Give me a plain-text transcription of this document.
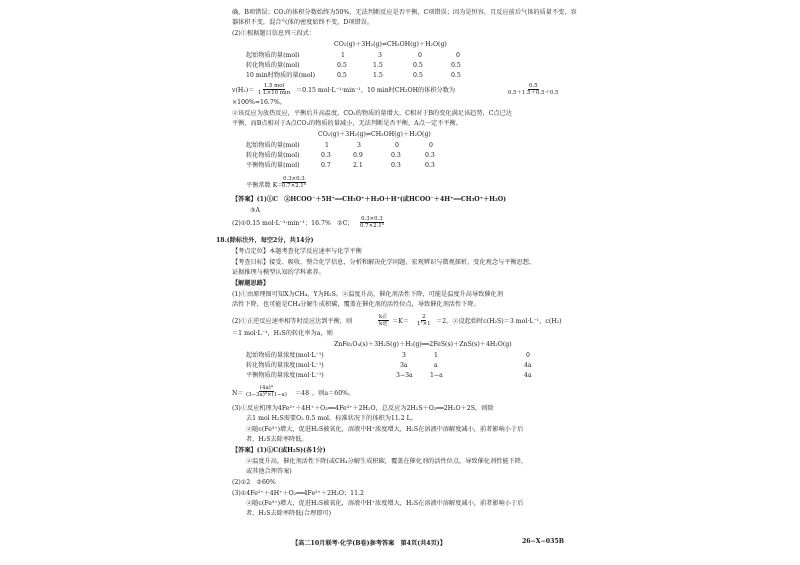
确，B项错误；CO₂的体积分数始终为50%，无法判断反应是否平衡，C项错误；因为是恒容，且反应前后气体的质量不变，容
器体积不变，混合气体的密度始终不变，D项错误。
(2)①根据题目信息列三段式：
CO₂(g)＋3H₂(g)⇌CH₃OH(g)＋H₂O(g)
起始物质的量(mol)	1	3	0	0
转化物质的量(mol)	0.5	1.5	0.5	0.5
10 min时物质的量(mol)	0.5	1.5	0.5	0.5
v(H₂)＝
1.5 mol
1 L×10 min ＝0.15 mol·L⁻¹·min⁻¹，10 min时CH₃OH的体积分数为	$\frac{0.5}{0.5+1.5+0.5+0.5}$
×100%≈16.7%。
②该反应为放热反应，平衡后升高温度，CO₂的物质的量增大，C相对于B的变化满足该趋势，C点已达
平衡，而B点相对于A点CO₂的物质的量减小，无法判断是否平衡，A点一定不平衡。
CO₂(g)＋3H₂(g)⇌CH₃OH(g)＋H₂O(g)
起始物质的量(mol)	1	3	0	0
转化物质的量(mol)	0.3	0.9	0.3	0.3
平衡物质的量(mol)	0.7	2.1	0.3	0.3
平衡常数 K＝
$\frac{0.3\times 0.3}{\text{0.7×2.1³}}$
【答案】(1)①C　②HCOO⁻＋5H⁺══CH₃O⁺＋H₂O＋H⁺(或HCOO⁻＋4H⁺══CH₃O⁺＋H₂O)
③A
(2)①0.15 mol·L⁻¹·min⁻¹；16.7%　②C； $\frac{0.3\times 0.3}{\text{0.7×2.1³}}$
18.(除标注外，每空2分，共14分)
【考点定位】本题考查化学反应速率与化学平衡
【考查目标】接受、吸收、整合化学信息，分析和解决化学问题，宏观辨识与微观探析，变化观念与平衡思想，
证据推理与模型认知的学科素养。
【解题思路】
(1)①由原理图可知X为CH₄，Y为H₂S。②温度升高，催化剂活性下降，可能是温度升高导致催化剂
活性下降，也可能是CH₄分解生成积碳，覆盖在催化剂的活性位点，导致催化剂活性下降。
(2)①正逆反应速率相等时反应达到平衡，则
k正
k逆 $=K= \frac{2}{\text{1³×1}} =2$。②设起始时c(H₂S)＝3 mol·L⁻¹，c(H₂)
＝1 mol·L⁻¹，H₂S的转化率为a，则
ZnFe₂O₄(s)＋3H₂S(g)＋H₂(g)══2FeS(s)＋ZnS(s)＋4H₂O(g)
起始物质的量浓度(mol·L⁻¹)	3	1	0
转化物质的量浓度(mol·L⁻¹)	3a	a	4a
平衡物质的量浓度(mol·L⁻¹)	3−3a	1−a	4a
$N= \frac{\text{(4a)⁴}}{\text{(3−3a)³×(1−a)}} =48$ ，则a＝60%。
(3)①反应机理为4Fe²⁺＋4H⁺＋O₂══4Fe³⁺＋2H₂O，总反应为2H₂S＋O₂══2H₂O＋2S，则除
去1 mol H₂S需要O₂ 0.5 mol，标准状况下的体积为11.2 L。
②随c(Fe³⁺)增大，促进H₂S被氧化，溶液中H⁺浓度增大，H₂S在溶液中溶解度减小，前者影响小于后
者，H₂S去除率降低。
【答案】(1)①C(或H₂S)(各1分)
②温度升高，催化剂活性下降(或CH₄分解生成积碳，覆盖在催化剂的活性位点，导致催化剂性能下降，
或其他合理答案)
(2)①2　②60%
(3)①4Fe²⁺＋4H⁺＋O₂══4Fe³⁺＋2H₂O；11.2
②随c(Fe³⁺)增大，促进H₂S被氧化，溶液中H⁺浓度增大，H₂S在溶液中溶解度减小，前者影响小于后
者，H₂S去除率降低(合理即可)
【高二10月联考·化学(B卷)参考答案　第4页(共4页)】	26−X−035B
